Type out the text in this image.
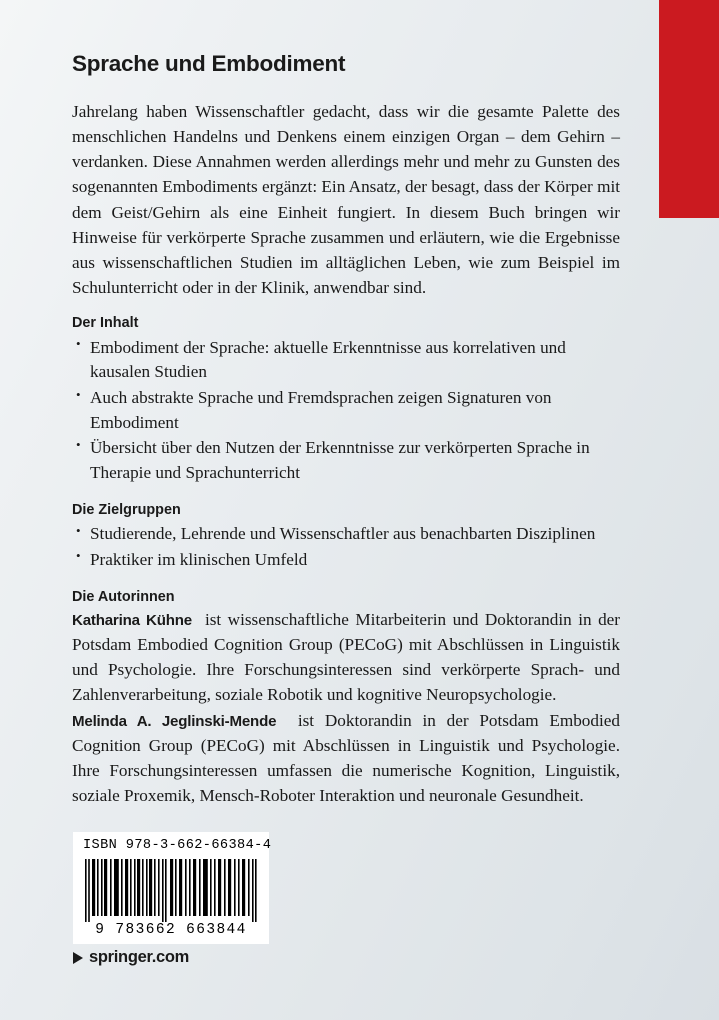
Sprache und Embodiment

Jahrelang haben Wissenschaftler gedacht, dass wir die gesamte Palette des menschlichen Handelns und Denkens einem einzigen Organ – dem Gehirn – verdanken. Diese Annahmen werden allerdings mehr und mehr zu Gunsten des sogenannten Embodiments ergänzt: Ein Ansatz, der besagt, dass der Körper mit dem Geist/Gehirn als eine Einheit fungiert. In diesem Buch bringen wir Hinweise für verkörperte Sprache zusammen und erläutern, wie die Ergebnisse aus wissenschaftlichen Studien im alltäglichen Leben, wie zum Beispiel im Schulunterricht oder in der Klinik, anwendbar sind.

Der Inhalt
• Embodiment der Sprache: aktuelle Erkenntnisse aus korrelativen und kausalen Studien
• Auch abstrakte Sprache und Fremdsprachen zeigen Signaturen von Embodiment
• Übersicht über den Nutzen der Erkenntnisse zur verkörperten Sprache in Therapie und Sprachunterricht
Die Zielgruppen
• Studierende, Lehrende und Wissenschaftler aus benachbarten Disziplinen
• Praktiker im klinischen Umfeld
Die Autorinnen

Katharina Kühne ist wissenschaftliche Mitarbeiterin und Doktorandin in der Potsdam Embodied Cognition Group (PECoG) mit Abschlüssen in Linguistik und Psychologie. Ihre Forschungsinteressen sind verkörperte Sprach- und Zahlenverarbeitung, soziale Robotik und kognitive Neuropsychologie.

Melinda A. Jeglinski-Mende ist Doktorandin in der Potsdam Embodied Cognition Group (PECoG) mit Abschlüssen in Linguistik und Psychologie. Ihre Forschungsinteressen umfassen die numerische Kognition, Linguistik, soziale Proxemik, Mensch-Roboter Interaktion und neuronale Gesundheit.

ISBN 978-3-662-66384-4
9 783662 663844
springer.com
